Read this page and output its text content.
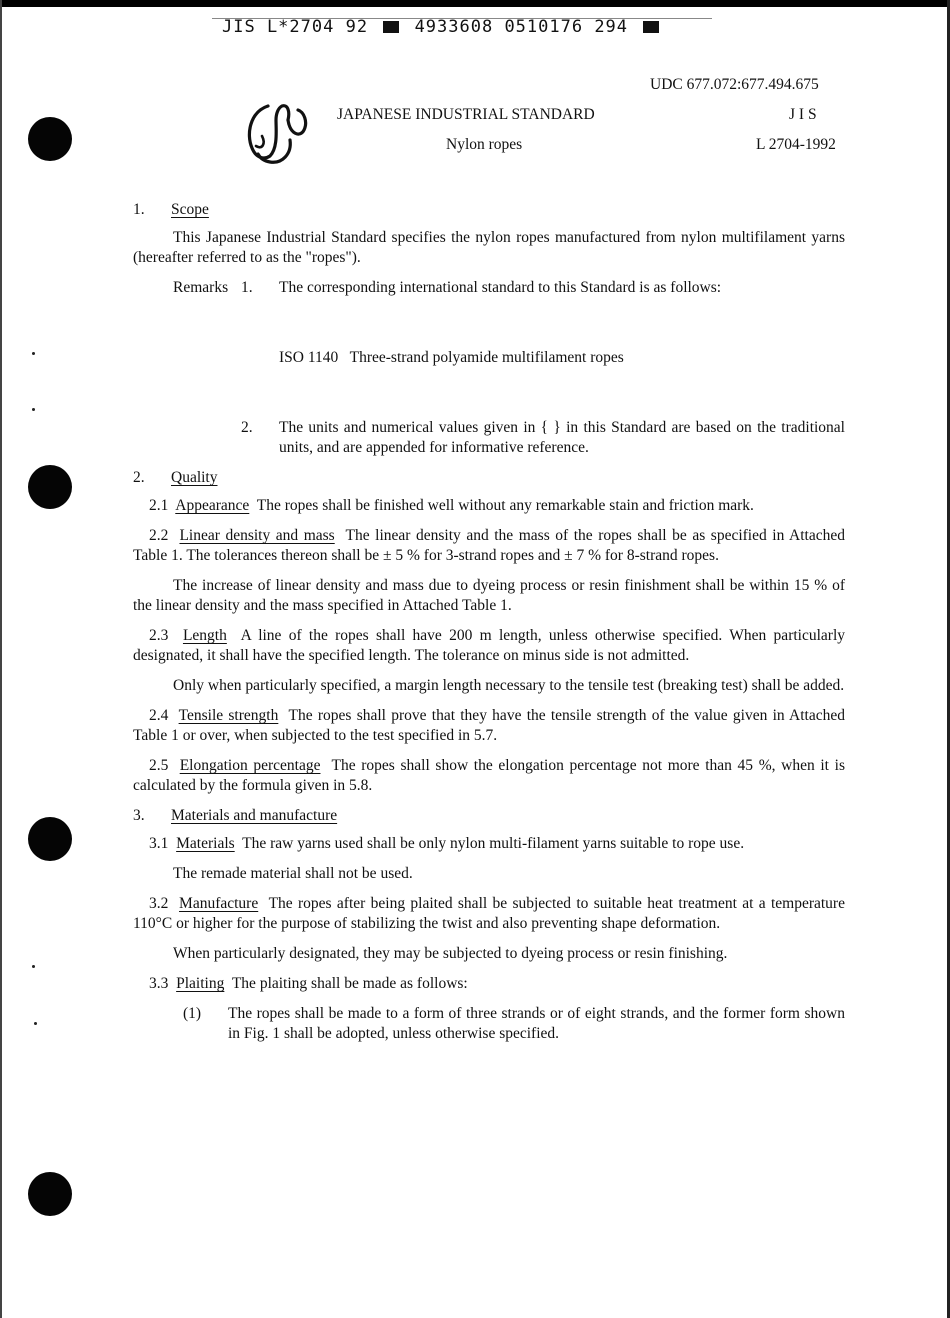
JIS L*2704 92	4933608 0510176 294
UDC 677.072:677.494.675
JAPANESE INDUSTRIAL STANDARD	J I S
Nylon ropes	L 2704-1992
1. Scope

This Japanese Industrial Standard specifies the nylon ropes manufactured from nylon multifilament yarns (hereafter referred to as the "ropes").

Remarks 1. The corresponding international standard to this Standard is as follows:

ISO 1140   Three-strand polyamide multifilament ropes

2. The units and numerical values given in { } in this Standard are based on the traditional units, and are appended for informative reference.

2. Quality

2.1 Appearance The ropes shall be finished well without any remarkable stain and friction mark.

2.2 Linear density and mass The linear density and the mass of the ropes shall be as specified in Attached Table 1. The tolerances thereon shall be ± 5 % for 3-strand ropes and ± 7 % for 8-strand ropes.

The increase of linear density and mass due to dyeing process or resin finishment shall be within 15 % of the linear density and the mass specified in Attached Table 1.

2.3 Length A line of the ropes shall have 200 m length, unless otherwise specified. When particularly designated, it shall have the specified length. The tolerance on minus side is not admitted.

Only when particularly specified, a margin length necessary to the tensile test (breaking test) shall be added.

2.4 Tensile strength The ropes shall prove that they have the tensile strength of the value given in Attached Table 1 or over, when subjected to the test specified in 5.7.

2.5 Elongation percentage The ropes shall show the elongation percentage not more than 45 %, when it is calculated by the formula given in 5.8.

3. Materials and manufacture

3.1 Materials The raw yarns used shall be only nylon multi-filament yarns suitable to rope use.

The remade material shall not be used.

3.2 Manufacture The ropes after being plaited shall be subjected to suitable heat treatment at a temperature 110°C or higher for the purpose of stabilizing the twist and also preventing shape deformation.

When particularly designated, they may be subjected to dyeing process or resin finishing.

3.3 Plaiting The plaiting shall be made as follows:

(1) The ropes shall be made to a form of three strands or of eight strands, and the former form shown in Fig. 1 shall be adopted, unless otherwise specified.
